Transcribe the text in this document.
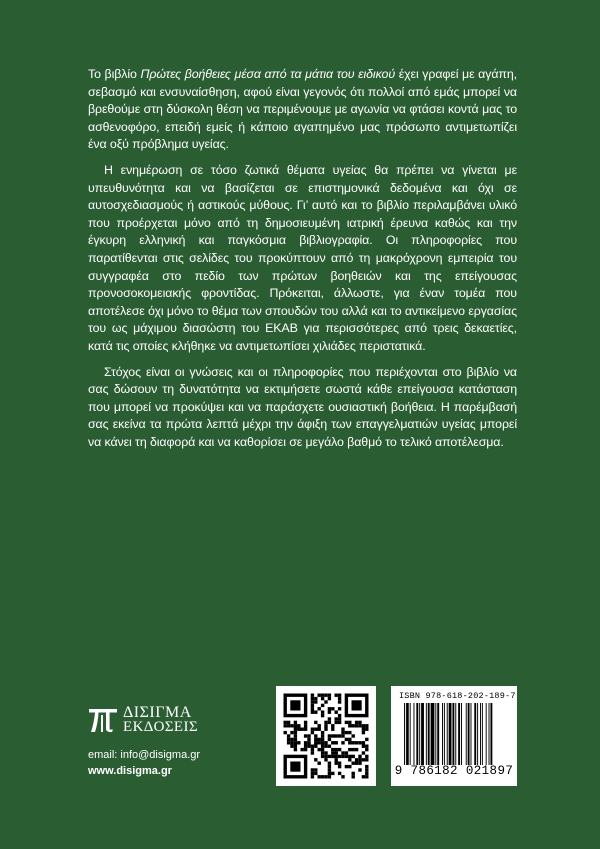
Το βιβλίο Πρώτες βοήθειες μέσα από τα μάτια του ειδικού έχει γραφεί με αγάπη, σεβασμό και ενσυναίσθηση, αφού είναι γεγονός ότι πολλοί από εμάς μπορεί να βρεθούμε στη δύσκολη θέση να περιμένουμε με αγωνία να φτάσει κοντά μας το ασθενοφόρο, επειδή εμείς ή κάποιο αγαπημένο μας πρόσωπο αντιμετωπίζει ένα οξύ πρόβλημα υγείας.

Η ενημέρωση σε τόσο ζωτικά θέματα υγείας θα πρέπει να γίνεται με υπευθυνότητα και να βασίζεται σε επιστημονικά δεδομένα και όχι σε αυτοσχεδιασμούς ή αστικούς μύθους. Γι’ αυτό και το βιβλίο περιλαμβάνει υλικό που προέρχεται μόνο από τη δημοσιευμένη ιατρική έρευνα καθώς και την έγκυρη ελληνική και παγκόσμια βιβλιογραφία. Οι πληροφορίες που παρατίθενται στις σελίδες του προκύπτουν από τη μακρόχρονη εμπειρία του συγγραφέα στο πεδίο των πρώτων βοηθειών και της επείγουσας προνοσοκομειακής φροντίδας. Πρόκειται, άλλωστε, για έναν τομέα που αποτέλεσε όχι μόνο το θέμα των σπουδών του αλλά και το αντικείμενο εργασίας του ως μάχιμου διασώστη του ΕΚΑΒ για περισσότερες από τρεις δεκαετίες, κατά τις οποίες κλήθηκε να αντιμετωπίσει χιλιάδες περιστατικά.

Στόχος είναι οι γνώσεις και οι πληροφορίες που περιέχονται στο βιβλίο να σας δώσουν τη δυνατότητα να εκτιμήσετε σωστά κάθε επείγουσα κατάσταση που μπορεί να προκύψει και να παράσχετε ουσιαστική βοήθεια. Η παρέμβασή σας εκείνα τα πρώτα λεπτά μέχρι την άφιξη των επαγγελματιών υγείας μπορεί να κάνει τη διαφορά και να καθορίσει σε μεγάλο βαθμό το τελικό αποτέλεσμα.

ΔΙΣΙΓΜΑ
ΕΚΔΟΣΕΙΣ
email: info@disigma.gr
www.disigma.gr
ISBN 978-618-202-189-7
9 786182 021897
